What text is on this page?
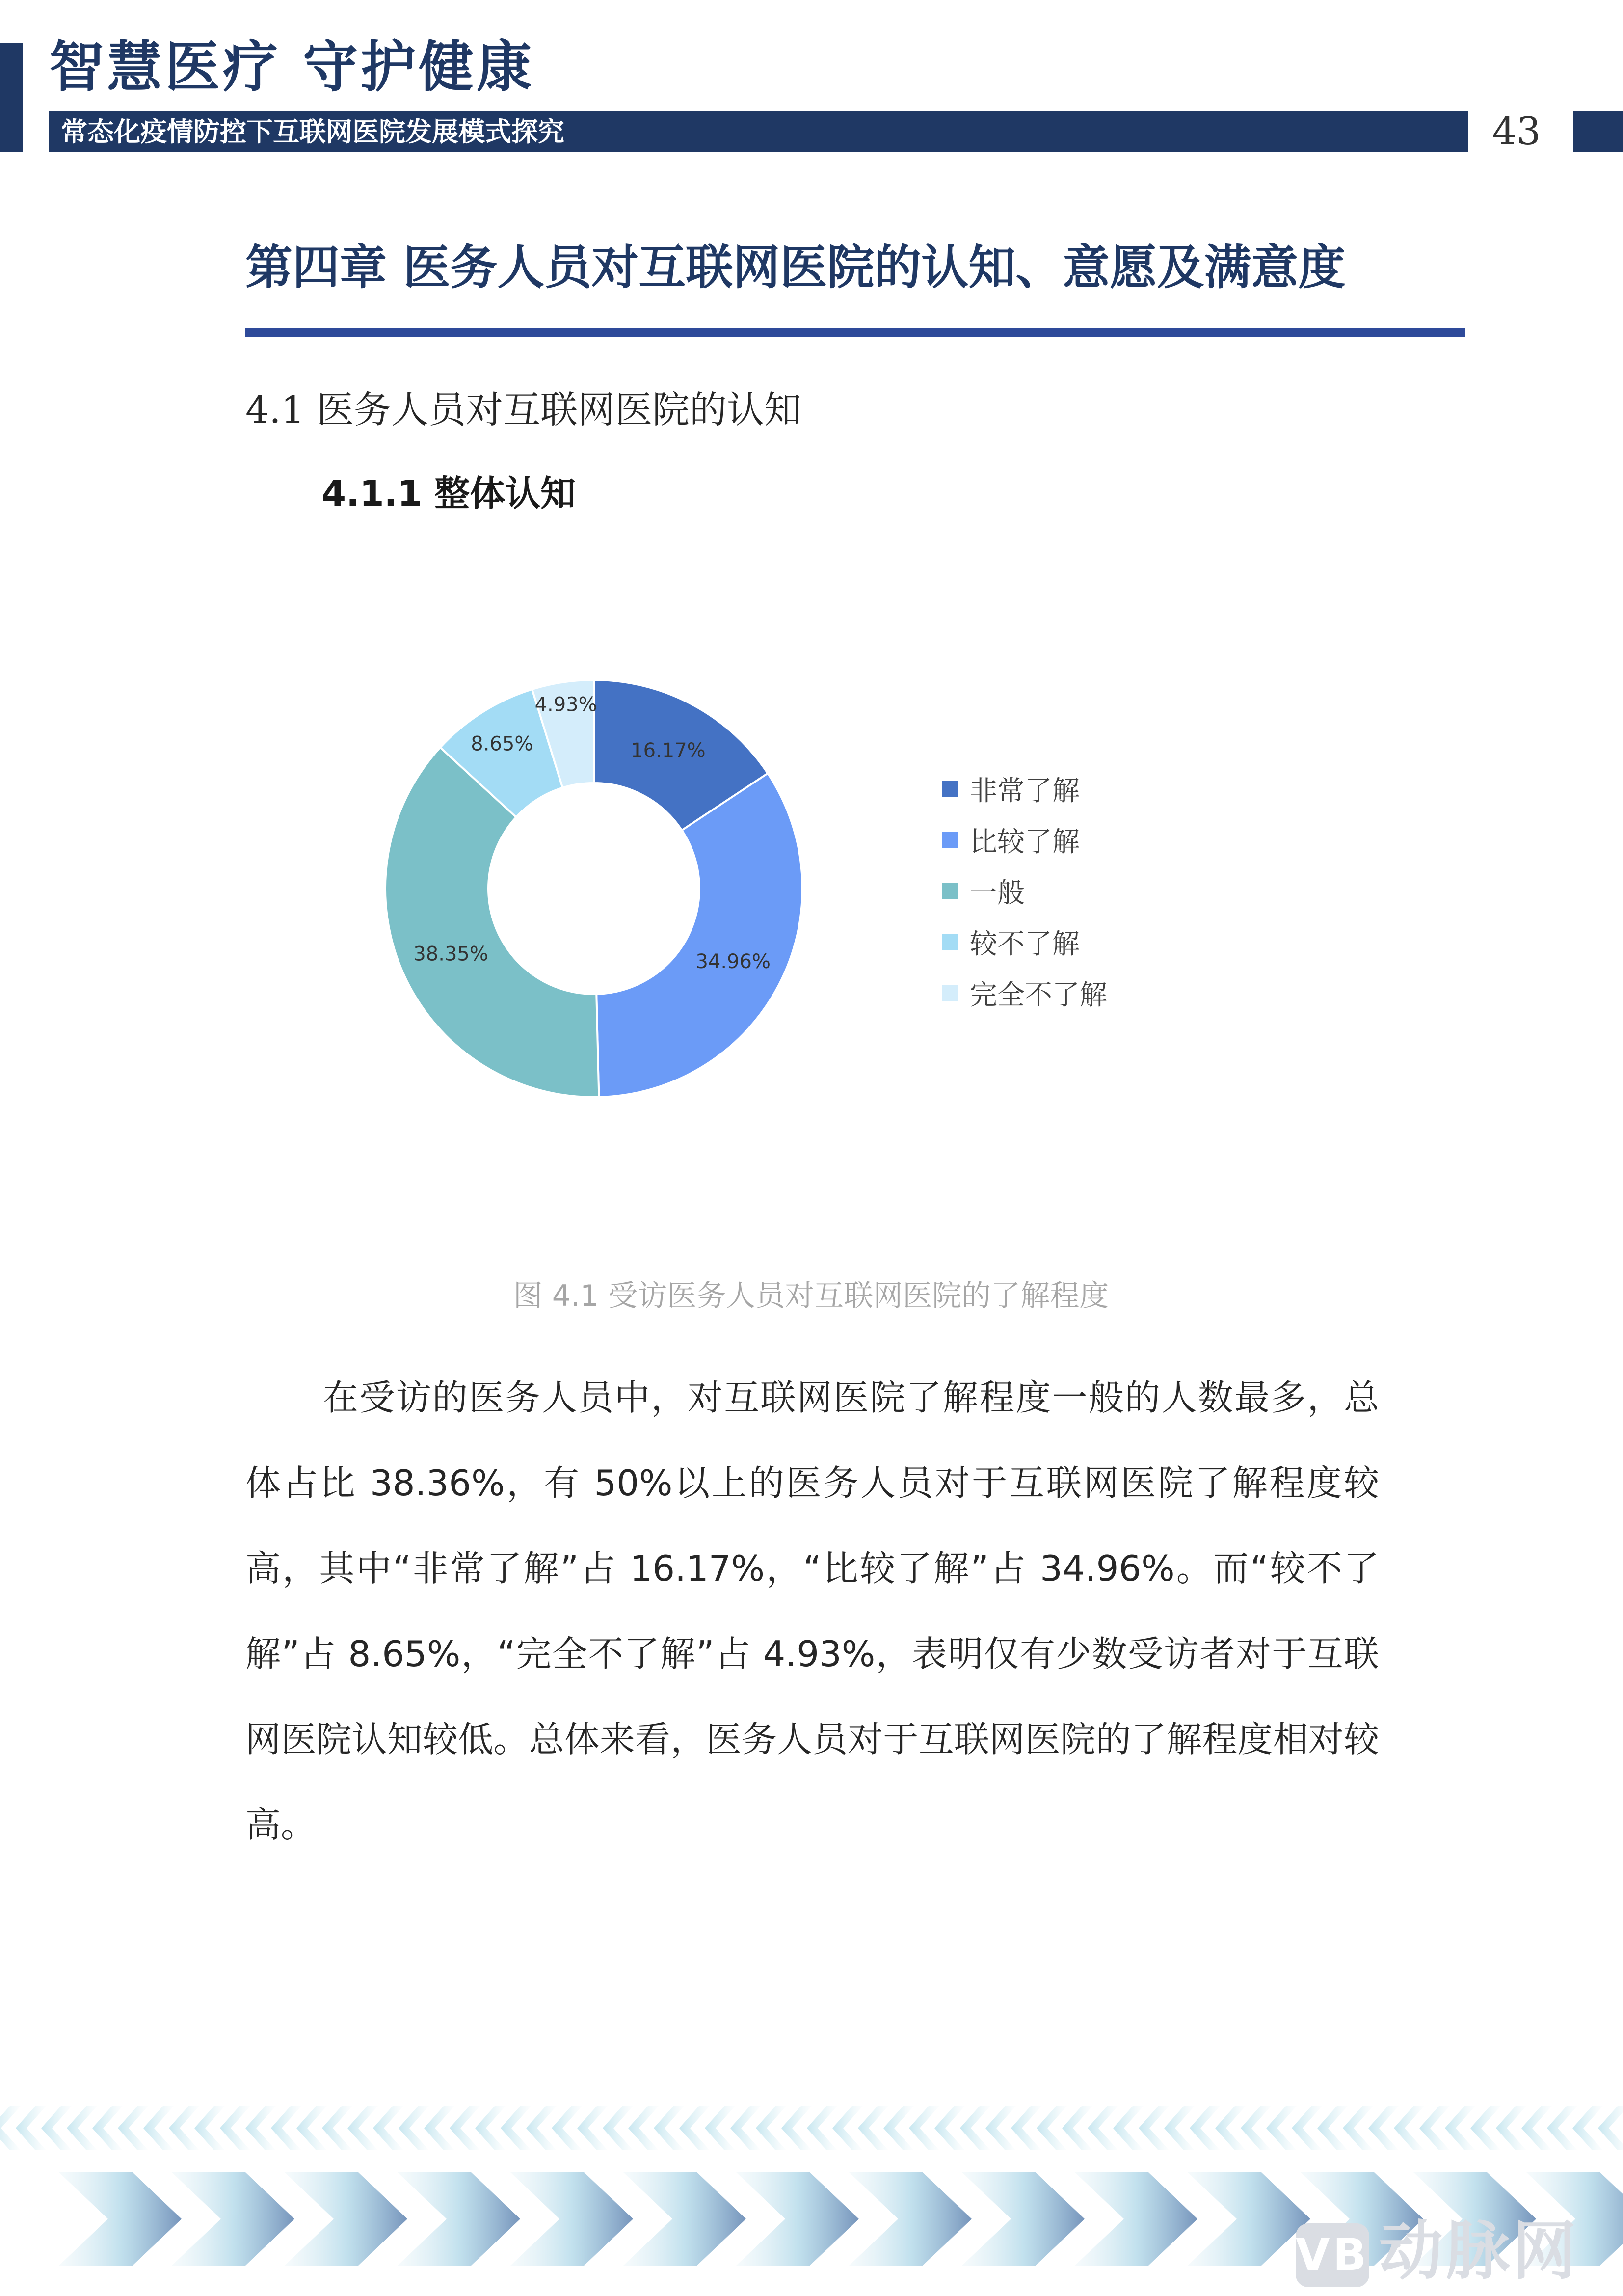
智慧医疗 守护健康
常态化疫情防控下互联网医院发展模式探究	43
第四章 医务人员对互联网医院的认知、意愿及满意度
4.1 医务人员对互联网医院的认知
4.1.1 整体认知
16.17%
34.96%
38.35%
8.65%
4.93%
非常了解
比较了解
一般
较不了解
完全不了解
图 4.1 受访医务人员对互联网医院的了解程度

在受访的医务人员中，对互联网医院了解程度一般的人数最多，总体占比 38.36%，有 50%以上的医务人员对于互联网医院了解程度较高，其中“非常了解”占 16.17%，“比较了解”占 34.96%。而“较不了解”占 8.65%，“完全不了解”占 4.93%，表明仅有少数受访者对于互联网医院认知较低。总体来看，医务人员对于互联网医院的了解程度相对较高。

VB 动脉网
